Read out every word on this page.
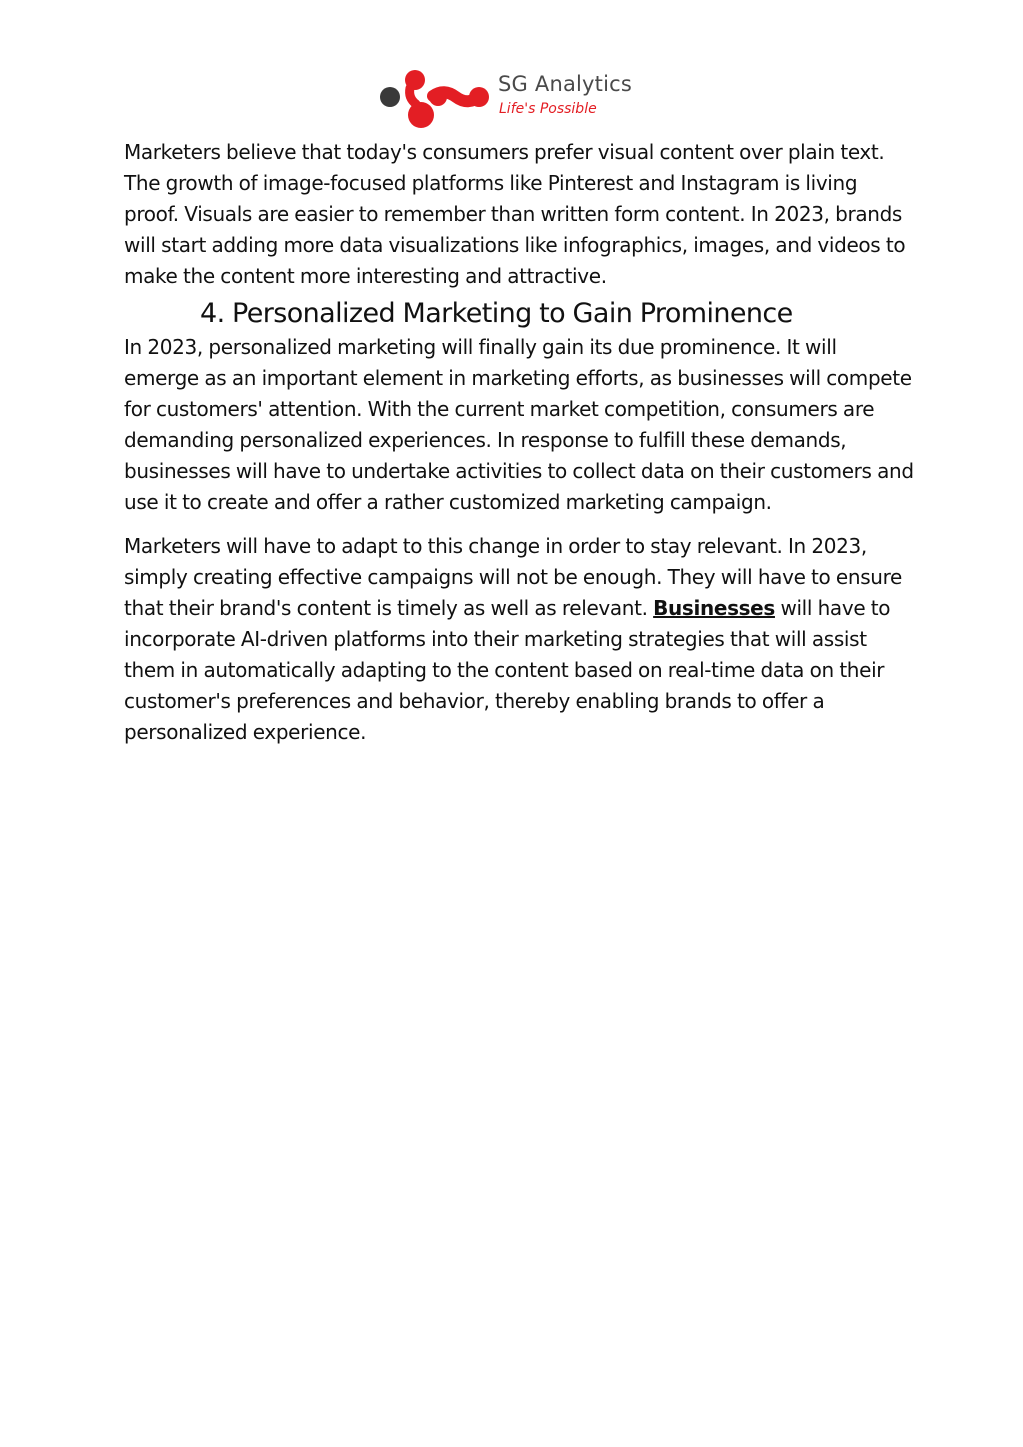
SG Analytics
Life's Possible

Marketers believe that today's consumers prefer visual content over plain text. The growth of image-focused platforms like Pinterest and Instagram is living proof. Visuals are easier to remember than written form content. In 2023, brands will start adding more data visualizations like infographics, images, and videos to make the content more interesting and attractive.

4. Personalized Marketing to Gain Prominence

In 2023, personalized marketing will finally gain its due prominence. It will emerge as an important element in marketing efforts, as businesses will compete for customers' attention. With the current market competition, consumers are demanding personalized experiences. In response to fulfill these demands, businesses will have to undertake activities to collect data on their customers and use it to create and offer a rather customized marketing campaign.

Marketers will have to adapt to this change in order to stay relevant. In 2023, simply creating effective campaigns will not be enough. They will have to ensure that their brand's content is timely as well as relevant. Businesses will have to incorporate AI-driven platforms into their marketing strategies that will assist them in automatically adapting to the content based on real-time data on their customer's preferences and behavior, thereby enabling brands to offer a personalized experience.
